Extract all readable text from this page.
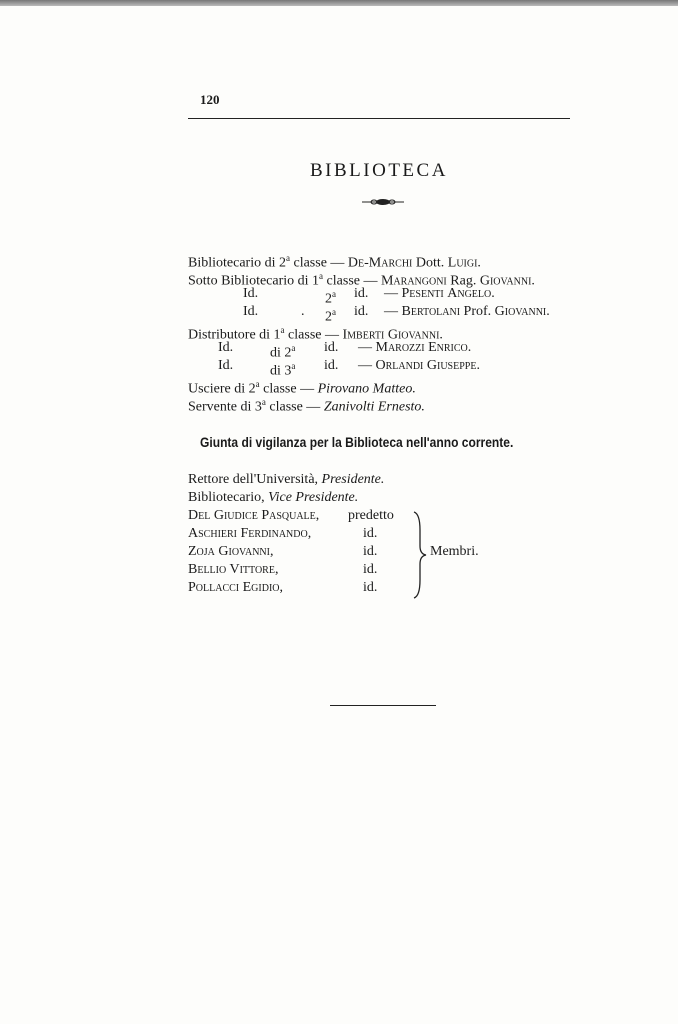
120
BIBLIOTECA
Bibliotecario di 2$^a$ classe — De-Marchi Dott. Luigi.
Sotto Bibliotecario di 1$^a$ classe — Marangoni Rag. Giovanni.
Id.	2$^a$ id. — Pesenti Angelo.
Id.	. 2$^a$ id. — Bertolani Prof. Giovanni.
Distributore di 1$^a$ classe — Imberti Giovanni.
Id.	di 2$^a$ id. — Marozzi Enrico.
Id.	di 3$^a$ id. — Orlandi Giuseppe.
Usciere di 2$^a$ classe — Pirovano Matteo.
Servente di 3$^a$ classe — Zanivolti Ernesto.
Giunta di vigilanza per la Biblioteca nell'anno corrente.
Rettore dell'Università, Presidente.
Bibliotecario, Vice Presidente.
Del Giudice Pasquale, predetto
Aschieri Ferdinando,	id.
Zoja Giovanni,	id.
Bellio Vittore,	id.
Pollacci Egidio,	id.
Membri.
